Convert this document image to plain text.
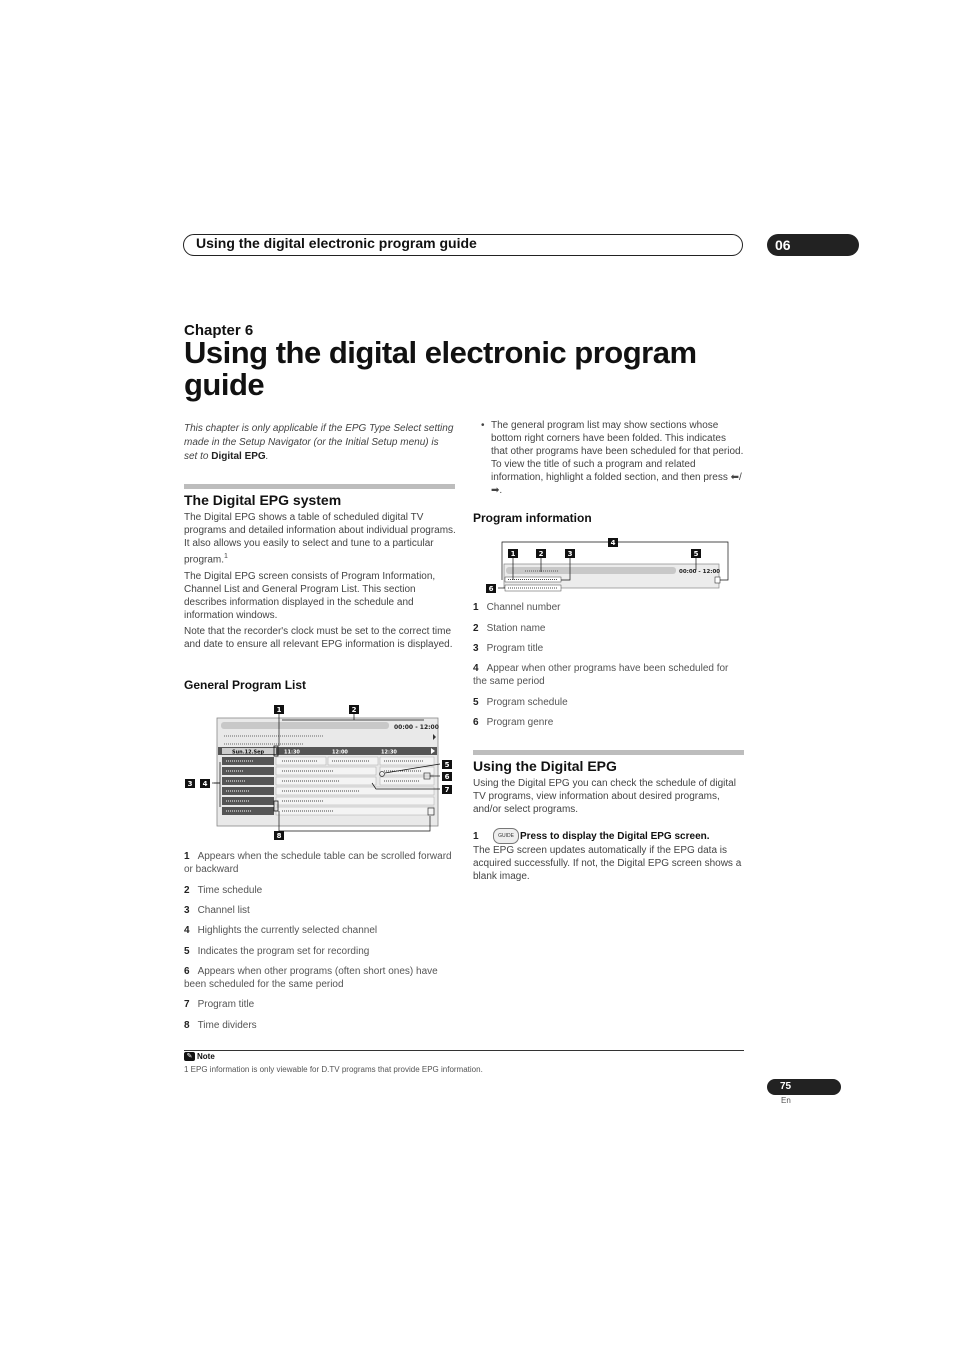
Using the digital electronic program guide	06
Chapter 6
Using the digital electronic program guide
This chapter is only applicable if the EPG Type Select setting made in the Setup Navigator (or the Initial Setup menu) is set to Digital EPG.
The Digital EPG system
The Digital EPG shows a table of scheduled digital TV programs and detailed information about individual programs. It also allows you easily to select and tune to a particular program.$^1$
The Digital EPG screen consists of Program Information, Channel List and General Program List. This section describes information displayed in the schedule and information windows.
Note that the recorder's clock must be set to the correct time and date to ensure all relevant EPG information is displayed.
General Program List
00:00 - 12:00
Sun.12.Sep	11:30	12:00	12:30
1	2
3 4
5
6
7
8
1 Appears when the schedule table can be scrolled forward or backward
2 Time schedule
3 Channel list
4 Highlights the currently selected channel
5 Indicates the program set for recording
6 Appears when other programs (often short ones) have been scheduled for the same period
7 Program title
8 Time dividers
• The general program list may show sections whose bottom right corners have been folded. This indicates that other programs have been scheduled for that period. To view the title of such a program and related information, highlight a folded section, and then press ⬅/➡.
Program information
00:00 - 12:00
1	2	3
4
5
6
1 Channel number
2 Station name
3 Program title
4 Appear when other programs have been scheduled for the same period
5 Program schedule
6 Program genre
Using the Digital EPG
Using the Digital EPG you can check the schedule of digital TV programs, view information about desired programs, and/or select programs.
1	GUIDE Press to display the Digital EPG screen.
The EPG screen updates automatically if the EPG data is acquired successfully. If not, the Digital EPG screen shows a blank image.
✎ Note
1 EPG information is only viewable for D.TV programs that provide EPG information.
75
En
